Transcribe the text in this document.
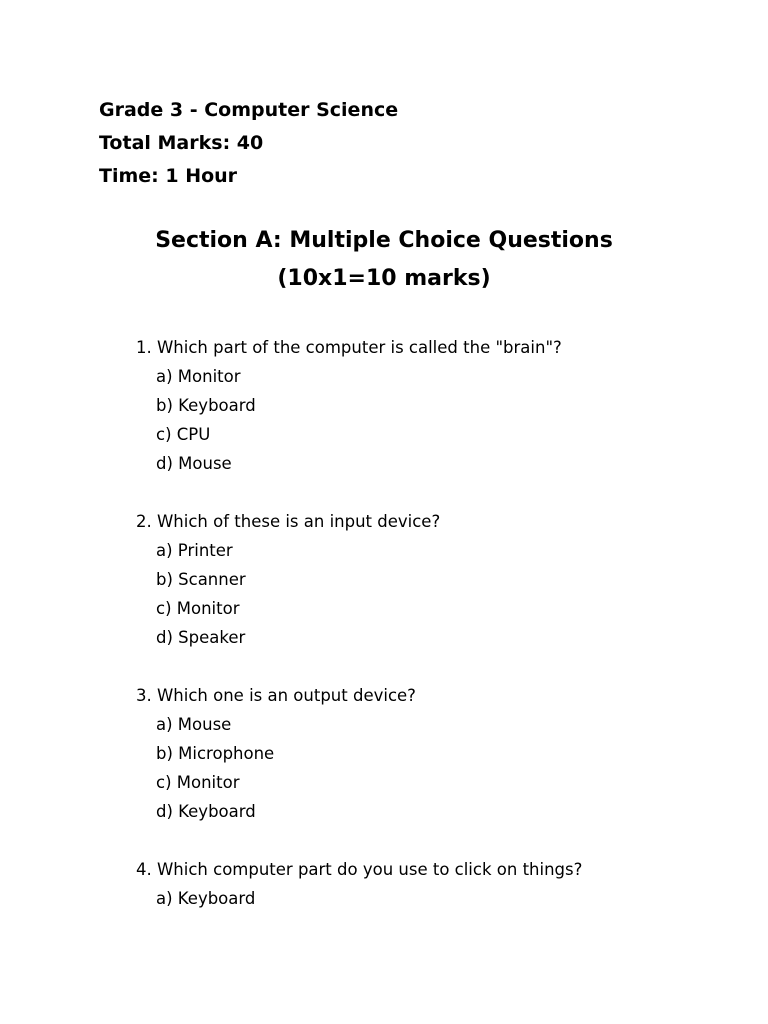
Grade 3 - Computer Science
Total Marks: 40
Time: 1 Hour
Section A: Multiple Choice Questions (10x1=10 marks)
1. Which part of the computer is called the "brain"?
a) Monitor
b) Keyboard
c) CPU
d) Mouse
2. Which of these is an input device?
a) Printer
b) Scanner
c) Monitor
d) Speaker
3. Which one is an output device?
a) Mouse
b) Microphone
c) Monitor
d) Keyboard
4. Which computer part do you use to click on things?
a) Keyboard
